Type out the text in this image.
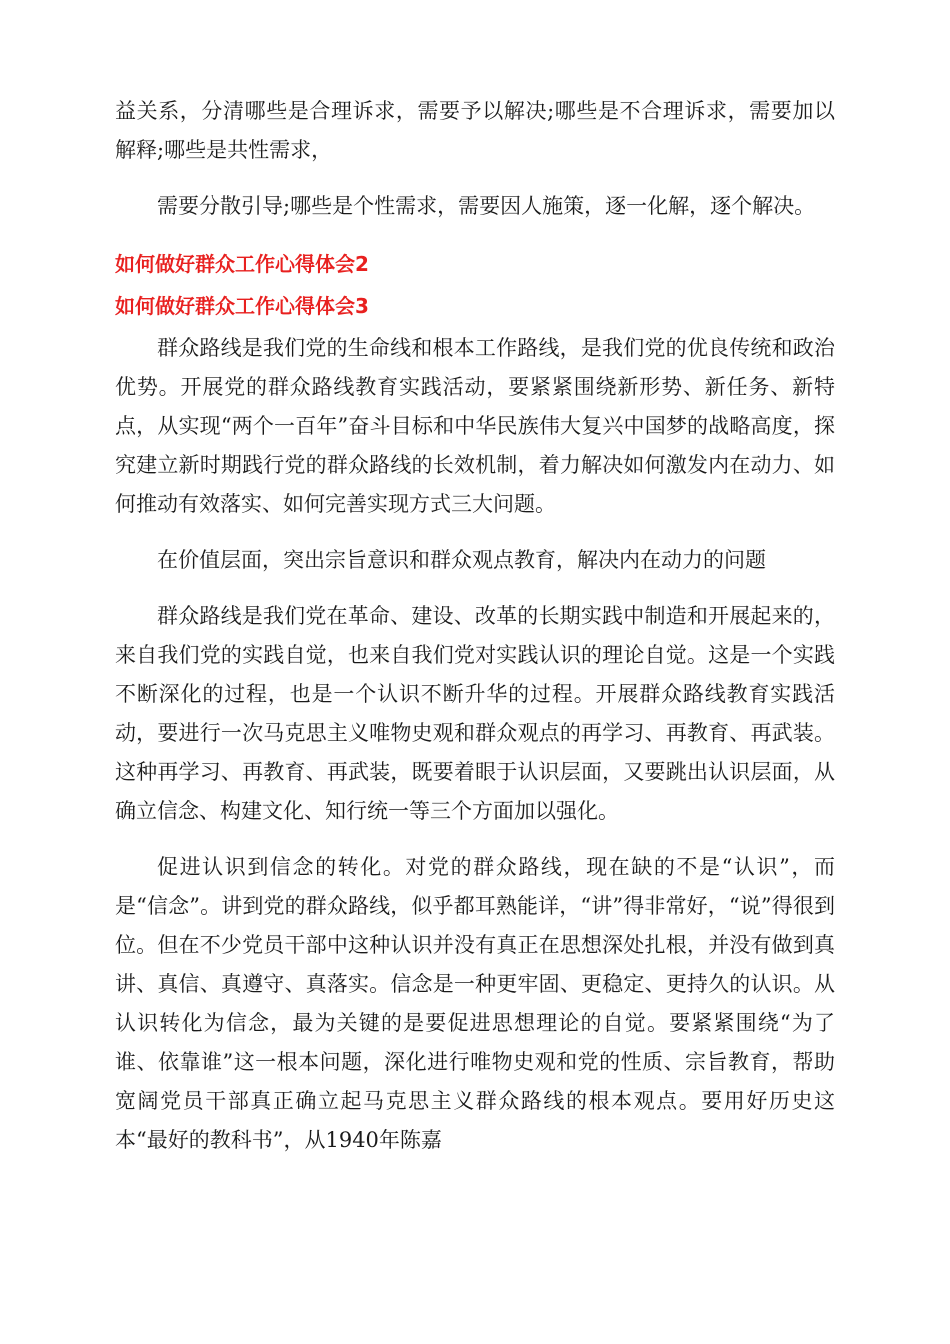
益关系，分清哪些是合理诉求，需要予以解决;哪些是不合理诉求，需要加以解释;哪些是共性需求，

需要分散引导;哪些是个性需求，需要因人施策，逐一化解，逐个解决。

如何做好群众工作心得体会2
如何做好群众工作心得体会3

群众路线是我们党的生命线和根本工作路线，是我们党的优良传统和政治优势。开展党的群众路线教育实践活动，要紧紧围绕新形势、新任务、新特点，从实现“两个一百年”奋斗目标和中华民族伟大复兴中国梦的战略高度，探究建立新时期践行党的群众路线的长效机制，着力解决如何激发内在动力、如何推动有效落实、如何完善实现方式三大问题。

在价值层面，突出宗旨意识和群众观点教育，解决内在动力的问题

群众路线是我们党在革命、建设、改革的长期实践中制造和开展起来的，来自我们党的实践自觉，也来自我们党对实践认识的理论自觉。这是一个实践不断深化的过程，也是一个认识不断升华的过程。开展群众路线教育实践活动，要进行一次马克思主义唯物史观和群众观点的再学习、再教育、再武装。这种再学习、再教育、再武装，既要着眼于认识层面，又要跳出认识层面，从确立信念、构建文化、知行统一等三个方面加以强化。

促进认识到信念的转化。对党的群众路线，现在缺的不是“认识”，而是“信念”。讲到党的群众路线，似乎都耳熟能详，“讲”得非常好，“说”得很到位。但在不少党员干部中这种认识并没有真正在思想深处扎根，并没有做到真讲、真信、真遵守、真落实。信念是一种更牢固、更稳定、更持久的认识。从认识转化为信念，最为关键的是要促进思想理论的自觉。要紧紧围绕“为了谁、依靠谁”这一根本问题，深化进行唯物史观和党的性质、宗旨教育，帮助宽阔党员干部真正确立起马克思主义群众路线的根本观点。要用好历史这本“最好的教科书”，从1940年陈嘉
